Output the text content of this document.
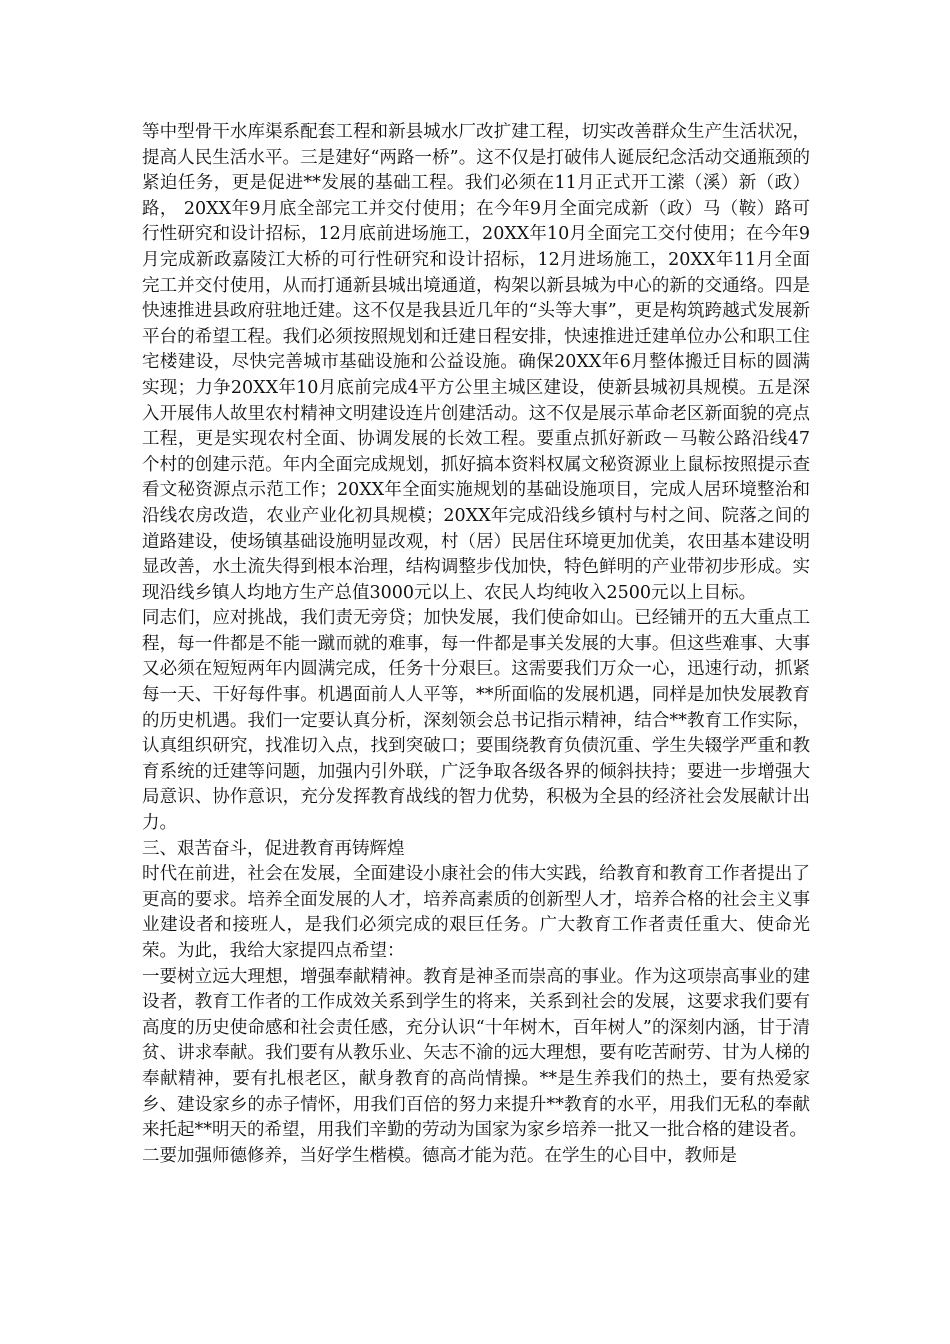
等中型骨干水库渠系配套工程和新县城水厂改扩建工程，切实改善群众生产生活状况，提高人民生活水平。三是建好“两路一桥”。这不仅是打破伟人诞辰纪念活动交通瓶颈的紧迫任务，更是促进**发展的基础工程。我们必须在11月正式开工潆（溪）新（政）路， 20XX年9月底全部完工并交付使用；在今年9月全面完成新（政）马（鞍）路可行性研究和设计招标，12月底前进场施工，20XX年10月全面完工交付使用；在今年9月完成新政嘉陵江大桥的可行性研究和设计招标，12月进场施工，20XX年11月全面完工并交付使用，从而打通新县城出境通道，构架以新县城为中心的新的交通络。四是快速推进县政府驻地迁建。这不仅是我县近几年的“头等大事”，更是构筑跨越式发展新平台的希望工程。我们必须按照规划和迁建日程安排，快速推进迁建单位办公和职工住宅楼建设，尽快完善城市基础设施和公益设施。确保20XX年6月整体搬迁目标的圆满实现；力争20XX年10月底前完成4平方公里主城区建设，使新县城初具规模。五是深入开展伟人故里农村精神文明建设连片创建活动。这不仅是展示革命老区新面貌的亮点工程，更是实现农村全面、协调发展的长效工程。要重点抓好新政－马鞍公路沿线47个村的创建示范。年内全面完成规划，抓好搞本资料权属文秘资源业上鼠标按照提示查看文秘资源点示范工作；20XX年全面实施规划的基础设施项目，完成人居环境整治和沿线农房改造，农业产业化初具规模；20XX年完成沿线乡镇村与村之间、院落之间的道路建设，使场镇基础设施明显改观，村（居）民居住环境更加优美，农田基本建设明显改善，水土流失得到根本治理，结构调整步伐加快，特色鲜明的产业带初步形成。实现沿线乡镇人均地方生产总值3000元以上、农民人均纯收入2500元以上目标。

同志们，应对挑战，我们责无旁贷；加快发展，我们使命如山。已经铺开的五大重点工程，每一件都是不能一蹴而就的难事，每一件都是事关发展的大事。但这些难事、大事又必须在短短两年内圆满完成，任务十分艰巨。这需要我们万众一心，迅速行动，抓紧每一天、干好每件事。机遇面前人人平等，**所面临的发展机遇，同样是加快发展教育的历史机遇。我们一定要认真分析，深刻领会总书记指示精神，结合**教育工作实际，认真组织研究，找准切入点，找到突破口；要围绕教育负债沉重、学生失辍学严重和教育系统的迁建等问题，加强内引外联，广泛争取各级各界的倾斜扶持；要进一步增强大局意识、协作意识，充分发挥教育战线的智力优势，积极为全县的经济社会发展献计出力。

三、艰苦奋斗，促进教育再铸辉煌

时代在前进，社会在发展，全面建设小康社会的伟大实践，给教育和教育工作者提出了更高的要求。培养全面发展的人才，培养高素质的创新型人才，培养合格的社会主义事业建设者和接班人，是我们必须完成的艰巨任务。广大教育工作者责任重大、使命光荣。为此，我给大家提四点希望：

一要树立远大理想，增强奉献精神。教育是神圣而崇高的事业。作为这项崇高事业的建设者，教育工作者的工作成效关系到学生的将来，关系到社会的发展，这要求我们要有高度的历史使命感和社会责任感，充分认识“十年树木，百年树人”的深刻内涵，甘于清贫、讲求奉献。我们要有从教乐业、矢志不渝的远大理想，要有吃苦耐劳、甘为人梯的奉献精神，要有扎根老区，献身教育的高尚情操。**是生养我们的热土，要有热爱家乡、建设家乡的赤子情怀，用我们百倍的努力来提升**教育的水平，用我们无私的奉献来托起**明天的希望，用我们辛勤的劳动为国家为家乡培养一批又一批合格的建设者。

二要加强师德修养，当好学生楷模。德高才能为范。在学生的心目中，教师是
